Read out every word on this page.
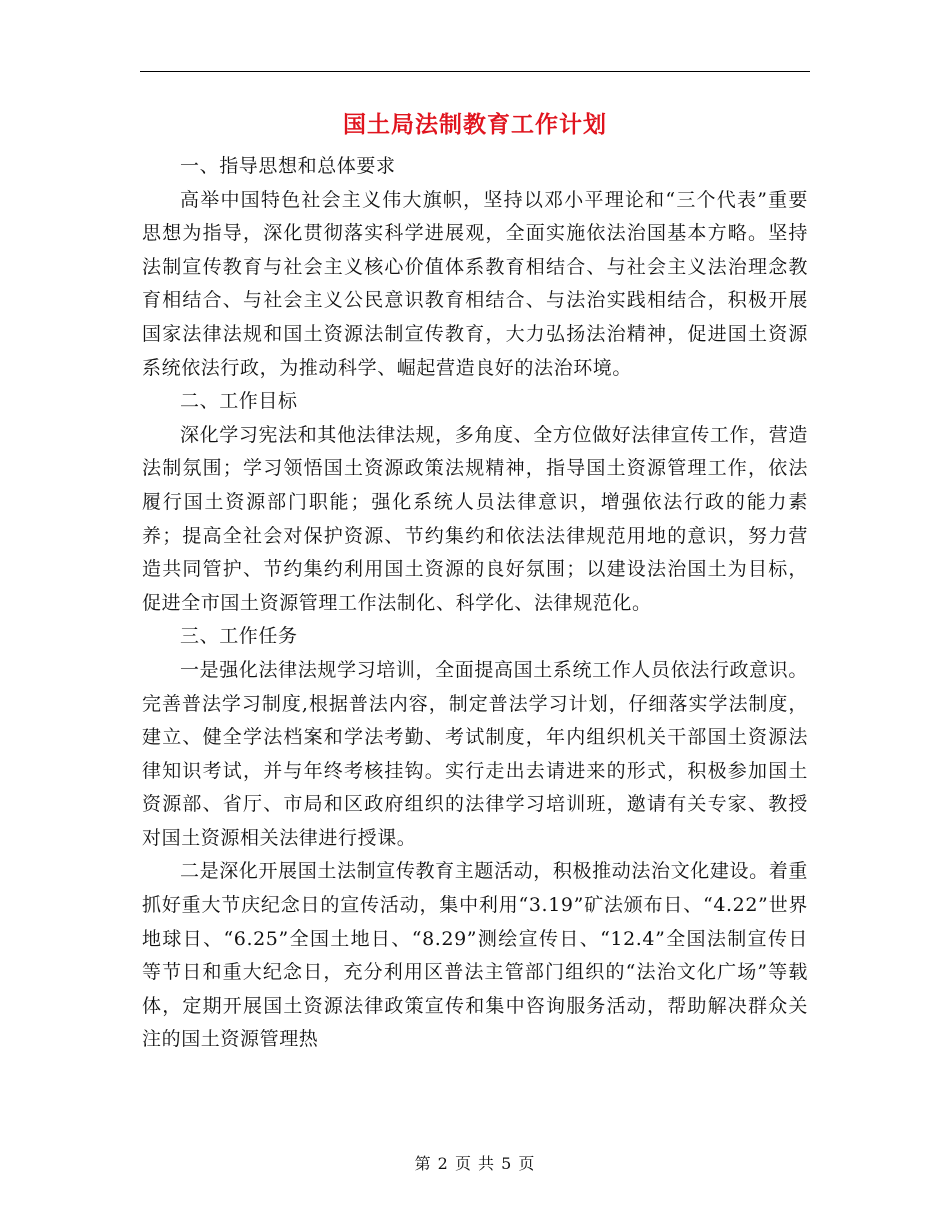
国土局法制教育工作计划

一、指导思想和总体要求

高举中国特色社会主义伟大旗帜，坚持以邓小平理论和“三个代表”重要思想为指导，深化贯彻落实科学进展观，全面实施依法治国基本方略。坚持法制宣传教育与社会主义核心价值体系教育相结合、与社会主义法治理念教育相结合、与社会主义公民意识教育相结合、与法治实践相结合，积极开展国家法律法规和国土资源法制宣传教育，大力弘扬法治精神，促进国土资源系统依法行政，为推动科学、崛起营造良好的法治环境。

二、工作目标

深化学习宪法和其他法律法规，多角度、全方位做好法律宣传工作，营造法制氛围；学习领悟国土资源政策法规精神，指导国土资源管理工作，依法履行国土资源部门职能；强化系统人员法律意识，增强依法行政的能力素养；提高全社会对保护资源、节约集约和依法法律规范用地的意识，努力营造共同管护、节约集约利用国土资源的良好氛围；以建设法治国土为目标，促进全市国土资源管理工作法制化、科学化、法律规范化。

三、工作任务

一是强化法律法规学习培训，全面提高国土系统工作人员依法行政意识。完善普法学习制度,根据普法内容，制定普法学习计划，仔细落实学法制度，建立、健全学法档案和学法考勤、考试制度，年内组织机关干部国土资源法律知识考试，并与年终考核挂钩。实行走出去请进来的形式，积极参加国土资源部、省厅、市局和区政府组织的法律学习培训班，邀请有关专家、教授对国土资源相关法律进行授课。

二是深化开展国土法制宣传教育主题活动，积极推动法治文化建设。着重抓好重大节庆纪念日的宣传活动，集中利用“3.19”矿法颁布日、“4.22”世界地球日、“6.25”全国土地日、“8.29”测绘宣传日、“12.4”全国法制宣传日等节日和重大纪念日，充分利用区普法主管部门组织的“法治文化广场”等载体，定期开展国土资源法律政策宣传和集中咨询服务活动，帮助解决群众关注的国土资源管理热

第 2 页 共 5 页
